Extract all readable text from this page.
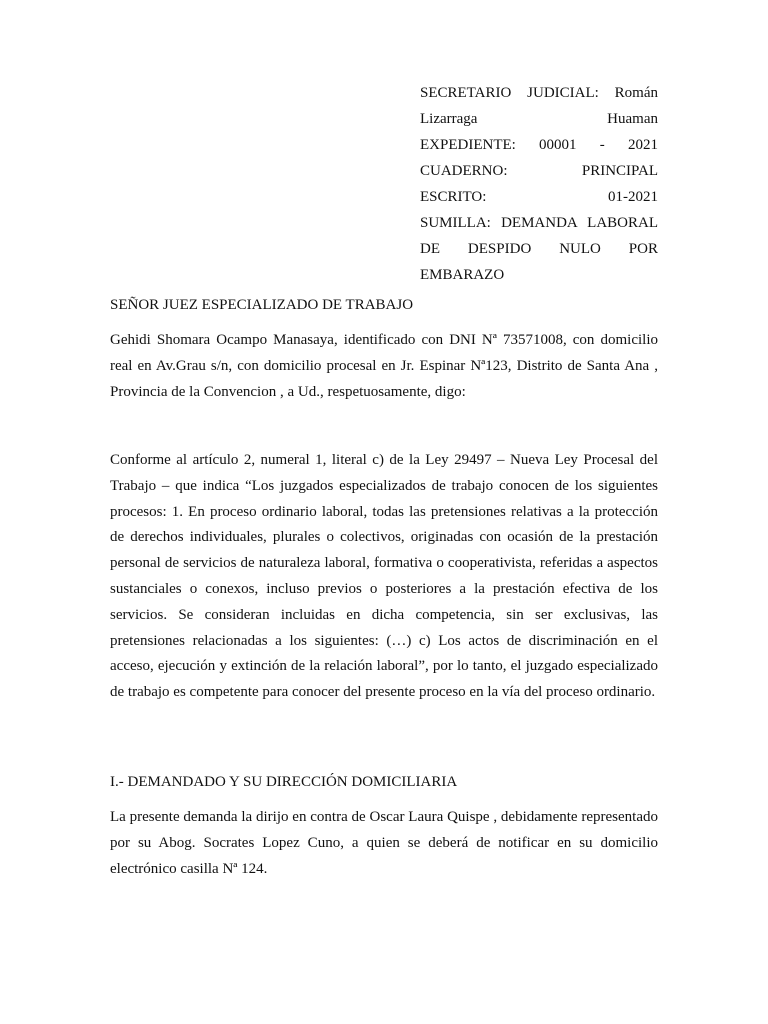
SECRETARIO JUDICIAL: Román Lizarraga Huaman
EXPEDIENTE: 00001 - 2021
CUADERNO: PRINCIPAL
ESCRITO: 01-2021
SUMILLA: DEMANDA LABORAL DE DESPIDO NULO POR EMBARAZO

SEÑOR JUEZ ESPECIALIZADO DE TRABAJO

Gehidi Shomara Ocampo Manasaya, identificado con DNI Nª 73571008, con domicilio real en Av.Grau s/n, con domicilio procesal en Jr. Espinar Nª123, Distrito de Santa Ana , Provincia de la Convencion , a Ud., respetuosamente, digo:

Conforme al artículo 2, numeral 1, literal c) de la Ley 29497 – Nueva Ley Procesal del Trabajo – que indica “Los juzgados especializados de trabajo conocen de los siguientes procesos: 1. En proceso ordinario laboral, todas las pretensiones relativas a la protección de derechos individuales, plurales o colectivos, originadas con ocasión de la prestación personal de servicios de naturaleza laboral, formativa o cooperativista, referidas a aspectos sustanciales o conexos, incluso previos o posteriores a la prestación efectiva de los servicios. Se consideran incluidas en dicha competencia, sin ser exclusivas, las pretensiones relacionadas a los siguientes: (…) c) Los actos de discriminación en el acceso, ejecución y extinción de la relación laboral”, por lo tanto, el juzgado especializado de trabajo es competente para conocer del presente proceso en la vía del proceso ordinario.

I.- DEMANDADO Y SU DIRECCIÓN DOMICILIARIA

La presente demanda la dirijo en contra de Oscar Laura Quispe , debidamente representado por su Abog. Socrates Lopez Cuno, a quien se deberá de notificar en su domicilio electrónico casilla Nª 124.
